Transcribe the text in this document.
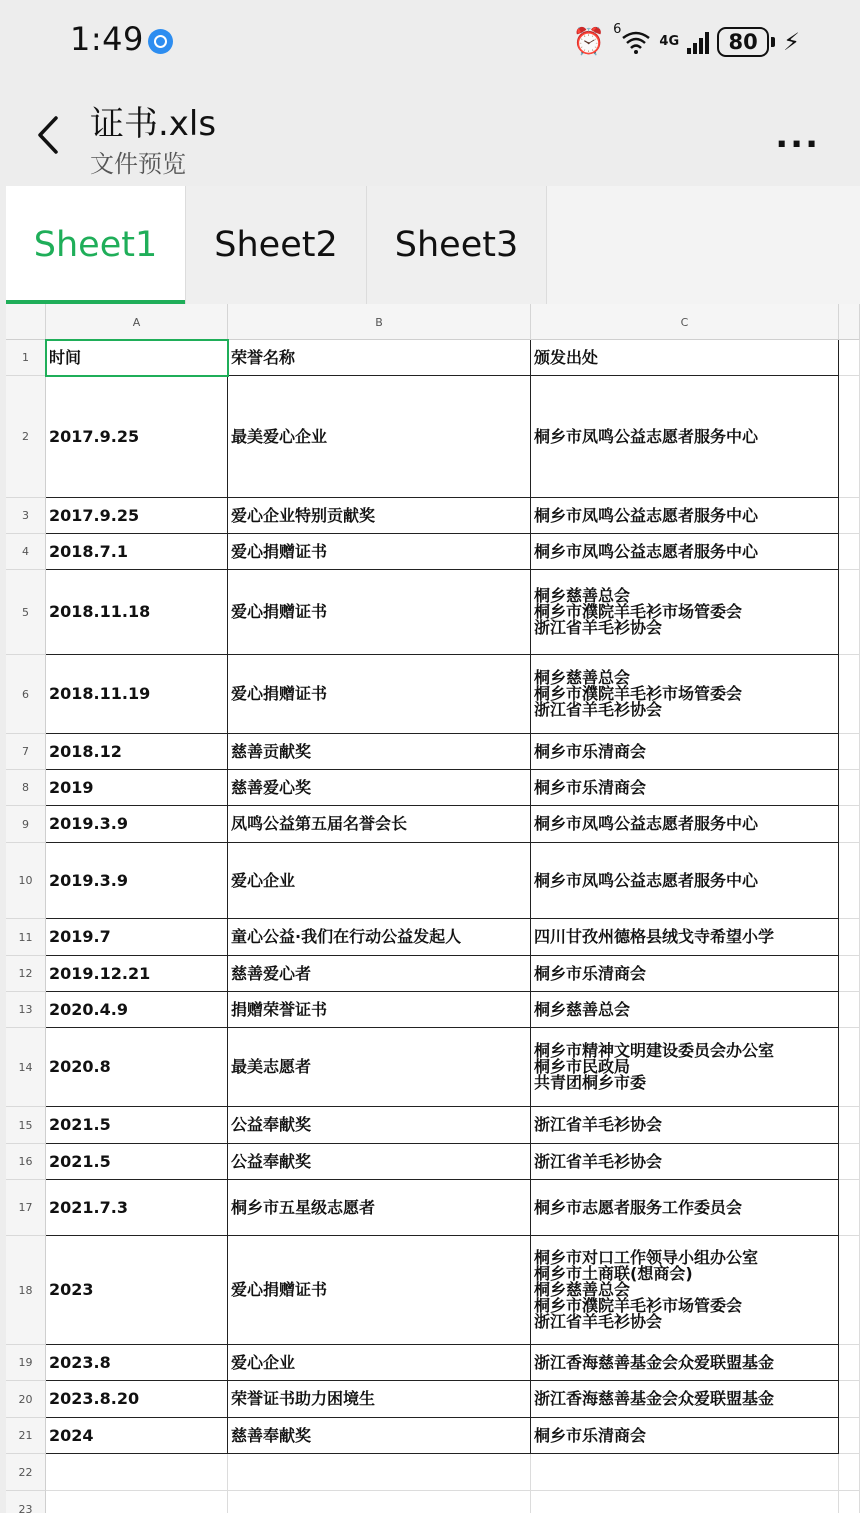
1:49	⏰ 6
4G 80 ⚡
证书.xls
文件预览
...
Sheet1	Sheet2	Sheet3
A	B	C
1	时间	荣誉名称	颁发出处
2	2017.9.25	最美爱心企业	桐乡市凤鸣公益志愿者服务中心
3	2017.9.25	爱心企业特别贡献奖	桐乡市凤鸣公益志愿者服务中心
4	2018.7.1	爱心捐赠证书	桐乡市凤鸣公益志愿者服务中心
5	2018.11.18	爱心捐赠证书
桐乡慈善总会
桐乡市濮院羊毛衫市场管委会
浙江省羊毛衫协会
6	2018.11.19	爱心捐赠证书
桐乡慈善总会
桐乡市濮院羊毛衫市场管委会
浙江省羊毛衫协会
7	2018.12	慈善贡献奖	桐乡市乐清商会
8	2019	慈善爱心奖	桐乡市乐清商会
9	2019.3.9	凤鸣公益第五届名誉会长	桐乡市凤鸣公益志愿者服务中心
10	2019.3.9	爱心企业	桐乡市凤鸣公益志愿者服务中心
11	2019.7	童心公益·我们在行动公益发起人	四川甘孜州德格县绒戈寺希望小学
12	2019.12.21	慈善爱心者	桐乡市乐清商会
13	2020.4.9	捐赠荣誉证书	桐乡慈善总会
14	2020.8	最美志愿者
桐乡市精神文明建设委员会办公室
桐乡市民政局
共青团桐乡市委
15	2021.5	公益奉献奖	浙江省羊毛衫协会
16	2021.5	公益奉献奖	浙江省羊毛衫协会
17	2021.7.3	桐乡市五星级志愿者	桐乡市志愿者服务工作委员会
18	2023	爱心捐赠证书
桐乡市对口工作领导小组办公室
桐乡市土商联(想商会)
桐乡慈善总会
桐乡市濮院羊毛衫市场管委会
浙江省羊毛衫协会
19	2023.8	爱心企业	浙江香海慈善基金会众爱联盟基金
20	2023.8.20	荣誉证书助力困境生	浙江香海慈善基金会众爱联盟基金
21	2024	慈善奉献奖	桐乡市乐清商会
22
23
